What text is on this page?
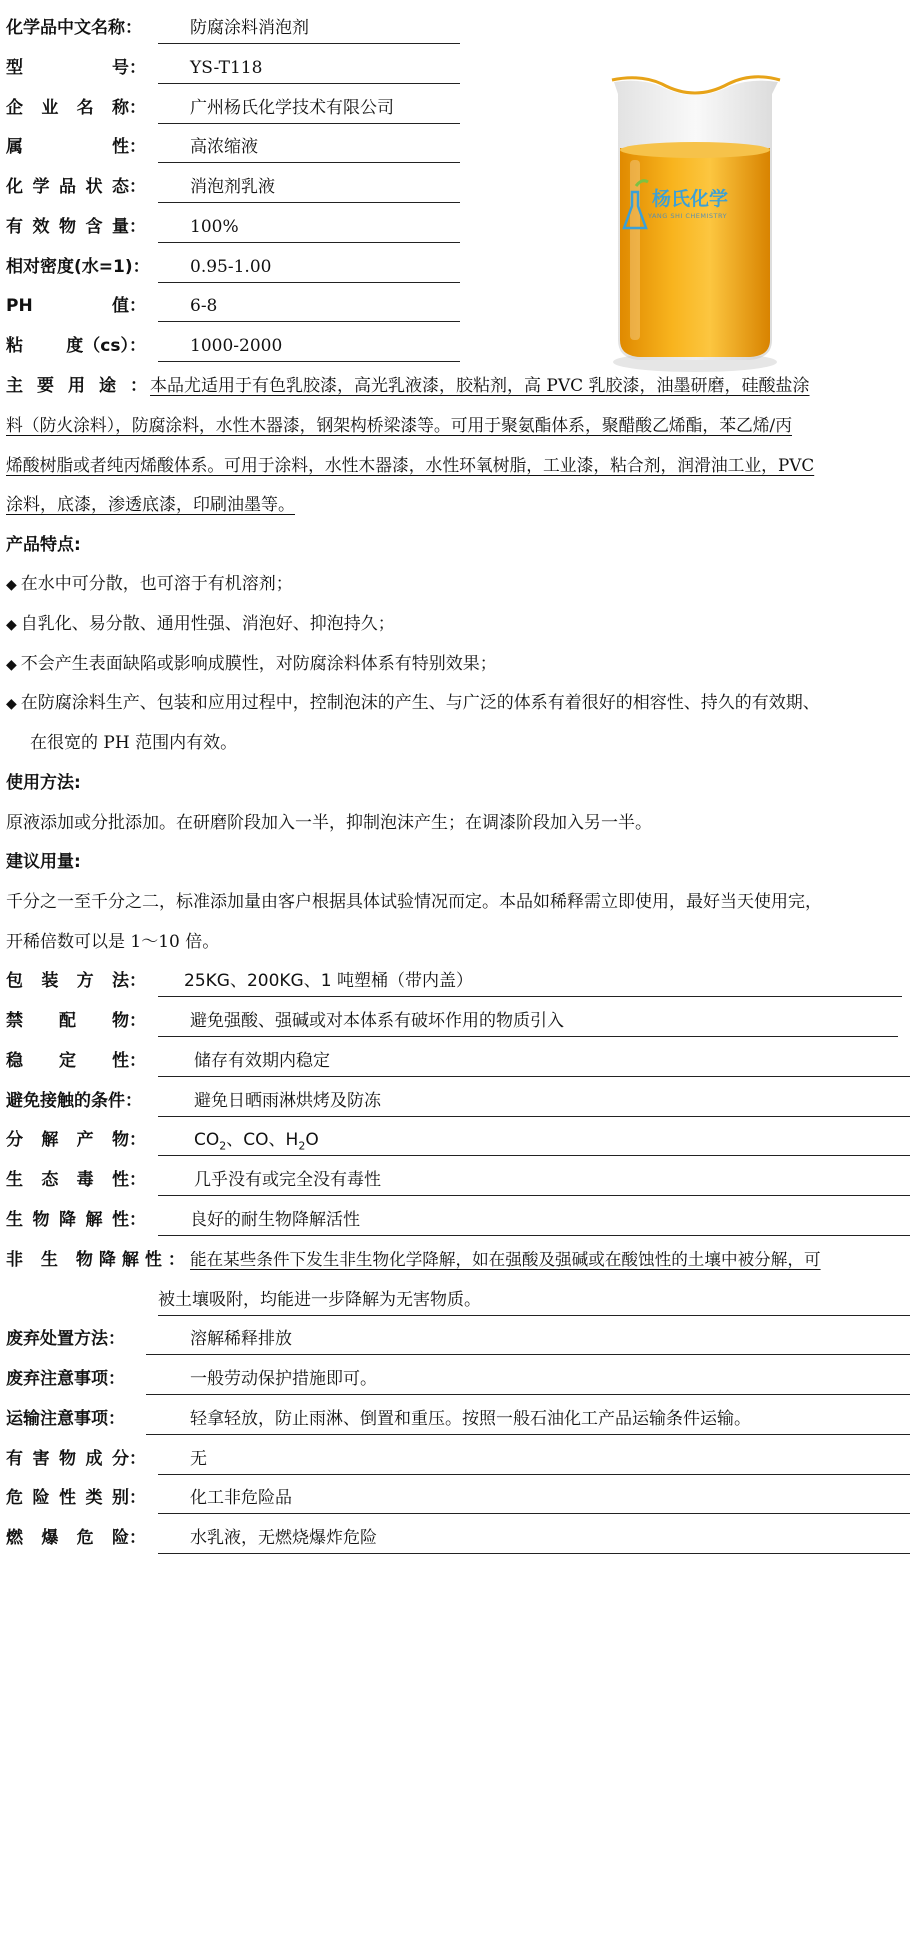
化学品中文名称：	防腐涂料消泡剂
型	号：	YS-T118
企 业 名 称：	广州杨氏化学技术有限公司
属	性：	高浓缩液
化 学 品 状 态：	消泡剂乳液
有 效 物 含 量：	100%
相对密度(水=1)： 0.95-1.00
PH	值：	6-8
粘	度（cs）：	1000-2000
杨氏化学
YANG SHI CHEMISTRY
主要用途：
本品尤适用于有色乳胶漆，高光乳液漆，胶粘剂，高 PVC 乳胶漆，油墨研磨，硅酸盐涂
料（防火涂料），防腐涂料，水性木器漆，钢架构桥梁漆等。可用于聚氨酯体系，聚醋酸乙烯酯，苯乙烯/丙
烯酸树脂或者纯丙烯酸体系。可用于涂料，水性木器漆，水性环氧树脂，工业漆，粘合剂，润滑油工业，PVC
涂料，底漆，渗透底漆，印刷油墨等。
产品特点:
◆ 在水中可分散，也可溶于有机溶剂；
◆ 自乳化、易分散、通用性强、消泡好、抑泡持久；
◆ 不会产生表面缺陷或影响成膜性，对防腐涂料体系有特别效果；
◆ 在防腐涂料生产、包装和应用过程中，控制泡沫的产生、与广泛的体系有着很好的相容性、持久的有效期、
在很宽的 PH 范围内有效。
使用方法:
原液添加或分批添加。在研磨阶段加入一半，抑制泡沫产生；在调漆阶段加入另一半。
建议用量:
千分之一至千分之二，标准添加量由客户根据具体试验情况而定。本品如稀释需立即使用，最好当天使用完，
开稀倍数可以是 1～10 倍。
包 装 方 法： 25KG、200KG、1 吨塑桶（带内盖）
禁 配 物：	避免强酸、强碱或对本体系有破坏作用的物质引入
稳 定 性：	储存有效期内稳定
避免接触的条件：	避免日晒雨淋烘烤及防冻
分 解 产 物：	$CO_2$、CO、$H_2O$
生 态 毒 性：	几乎没有或完全没有毒性
生 物 降 解 性：	良好的耐生物降解活性
非 生 物降解性： 能在某些条件下发生非生物化学降解，如在强酸及强碱或在酸蚀性的土壤中被分解，可
被土壤吸附，均能进一步降解为无害物质。
废弃处置方法：	溶解稀释排放
废弃注意事项：	一般劳动保护措施即可。
运输注意事项：	轻拿轻放，防止雨淋、倒置和重压。按照一般石油化工产品运输条件运输。
有 害 物 成 分：	无
危 险 性 类 别：	化工非危险品
燃 爆 危 险：	水乳液，无燃烧爆炸危险
